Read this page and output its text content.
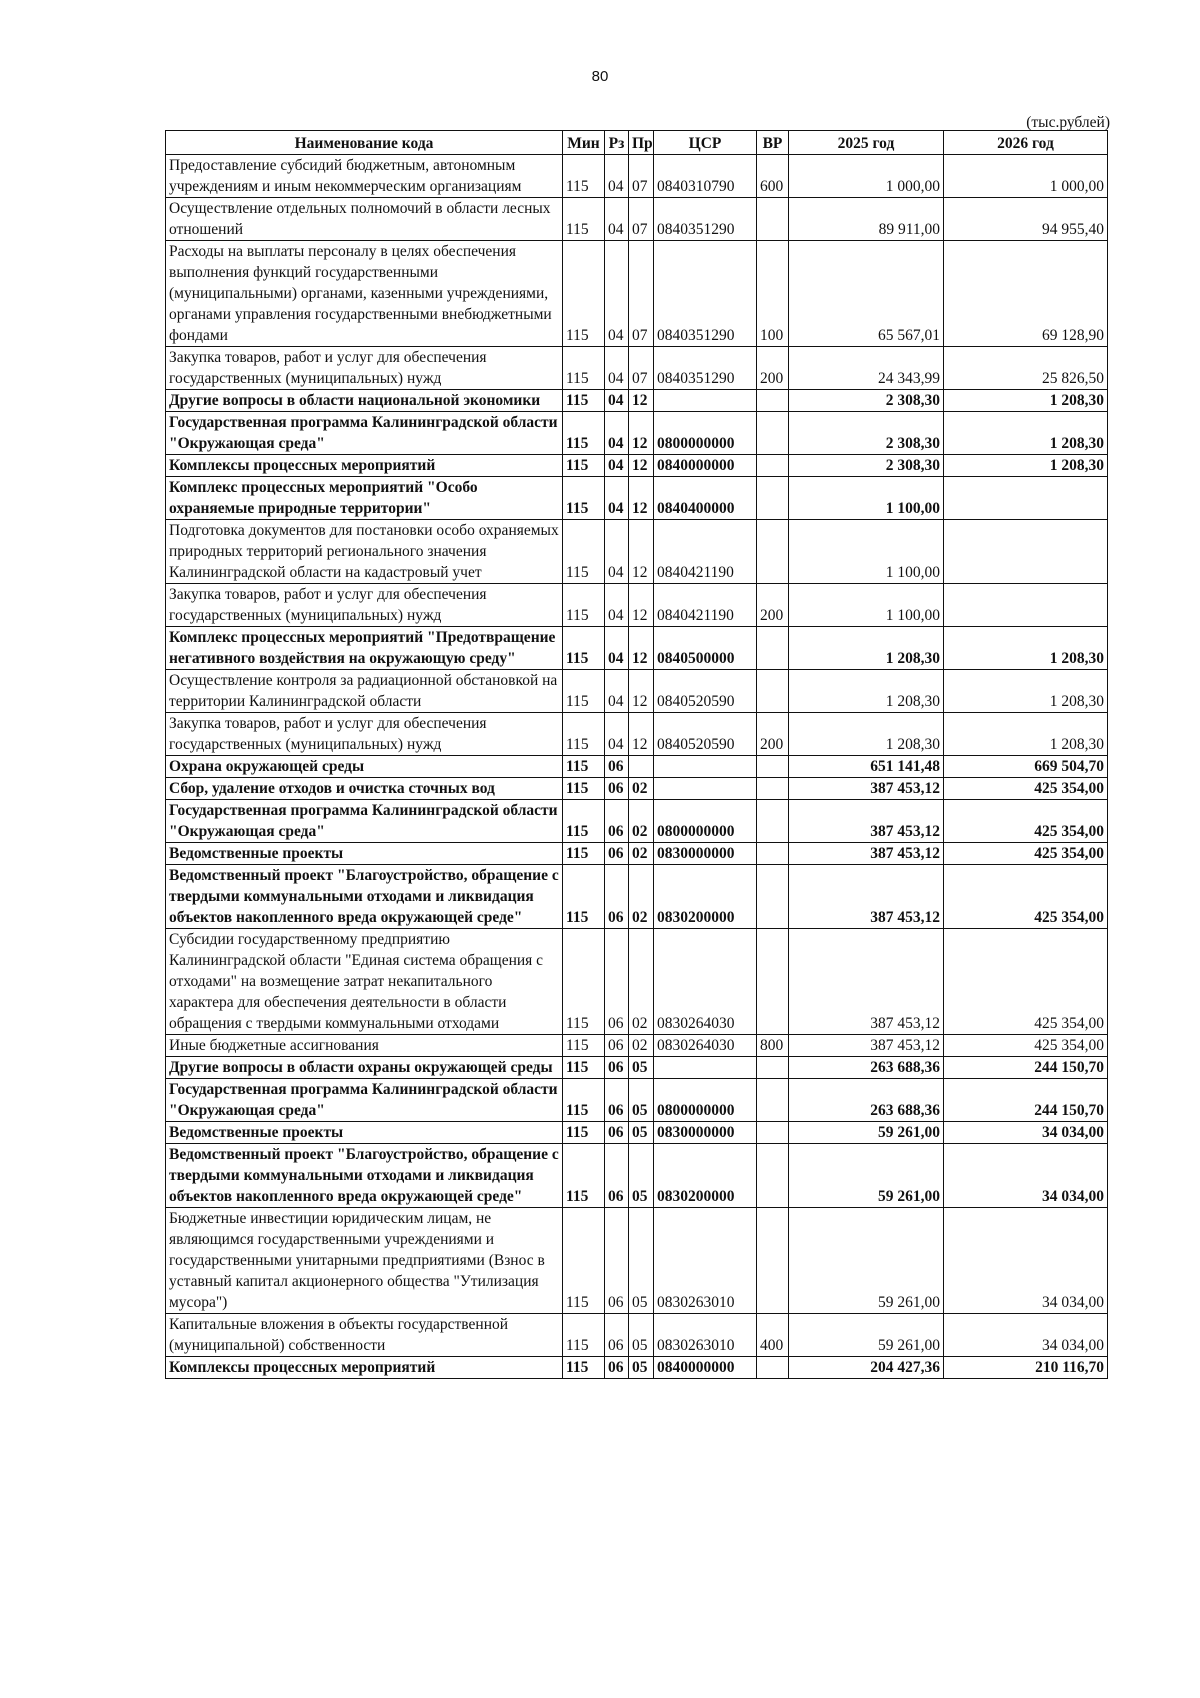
80
(тыс.рублей)
Наименование кода	Мин	Рз	Пр	ЦСР	ВР	2025 год	2026 год
Предоставление субсидий бюджетным, автономным учреждениям и иным некоммерческим организациям	115	04	07	0840310790	600	1 000,00	1 000,00
Осуществление отдельных полномочий в области лесных отношений	115	04	07	0840351290		89 911,00	94 955,40
Расходы на выплаты персоналу в целях обеспечения выполнения функций государственными (муниципальными) органами, казенными учреждениями, органами управления государственными внебюджетными фондами	115	04	07	0840351290	100	65 567,01	69 128,90
Закупка товаров, работ и услуг для обеспечения государственных (муниципальных) нужд	115	04	07	0840351290	200	24 343,99	25 826,50
Другие вопросы в области национальной экономики	115	04	12			2 308,30	1 208,30
Государственная программа Калининградской области "Окружающая среда"	115	04	12	0800000000		2 308,30	1 208,30
Комплексы процессных мероприятий	115	04	12	0840000000		2 308,30	1 208,30
Комплекс процессных мероприятий "Особо охраняемые природные территории"	115	04	12	0840400000		1 100,00	
Подготовка документов для постановки особо охраняемых природных территорий регионального значения Калининградской области на кадастровый учет	115	04	12	0840421190		1 100,00	
Закупка товаров, работ и услуг для обеспечения государственных (муниципальных) нужд	115	04	12	0840421190	200	1 100,00	
Комплекс процессных мероприятий "Предотвращение негативного воздействия на окружающую среду"	115	04	12	0840500000		1 208,30	1 208,30
Осуществление контроля за радиационной обстановкой на территории Калининградской области	115	04	12	0840520590		1 208,30	1 208,30
Закупка товаров, работ и услуг для обеспечения государственных (муниципальных) нужд	115	04	12	0840520590	200	1 208,30	1 208,30
Охрана окружающей среды	115	06				651 141,48	669 504,70
Сбор, удаление отходов и очистка сточных вод	115	06	02			387 453,12	425 354,00
Государственная программа Калининградской области "Окружающая среда"	115	06	02	0800000000		387 453,12	425 354,00
Ведомственные проекты	115	06	02	0830000000		387 453,12	425 354,00
Ведомственный проект "Благоустройство, обращение с твердыми коммунальными отходами и ликвидация объектов накопленного вреда окружающей среде"	115	06	02	0830200000		387 453,12	425 354,00
Субсидии государственному предприятию Калининградской области "Единая система обращения с отходами" на возмещение затрат некапитального характера для обеспечения деятельности в области обращения с твердыми коммунальными отходами	115	06	02	0830264030		387 453,12	425 354,00
Иные бюджетные ассигнования	115	06	02	0830264030	800	387 453,12	425 354,00
Другие вопросы в области охраны окружающей среды	115	06	05			263 688,36	244 150,70
Государственная программа Калининградской области "Окружающая среда"	115	06	05	0800000000		263 688,36	244 150,70
Ведомственные проекты	115	06	05	0830000000		59 261,00	34 034,00
Ведомственный проект "Благоустройство, обращение с твердыми коммунальными отходами и ликвидация объектов накопленного вреда окружающей среде"	115	06	05	0830200000		59 261,00	34 034,00
Бюджетные инвестиции юридическим лицам, не являющимся государственными учреждениями и государственными унитарными предприятиями (Взнос в уставный капитал акционерного общества "Утилизация мусора")	115	06	05	0830263010		59 261,00	34 034,00
Капитальные вложения в объекты государственной (муниципальной) собственности	115	06	05	0830263010	400	59 261,00	34 034,00
Комплексы процессных мероприятий	115	06	05	0840000000		204 427,36	210 116,70
